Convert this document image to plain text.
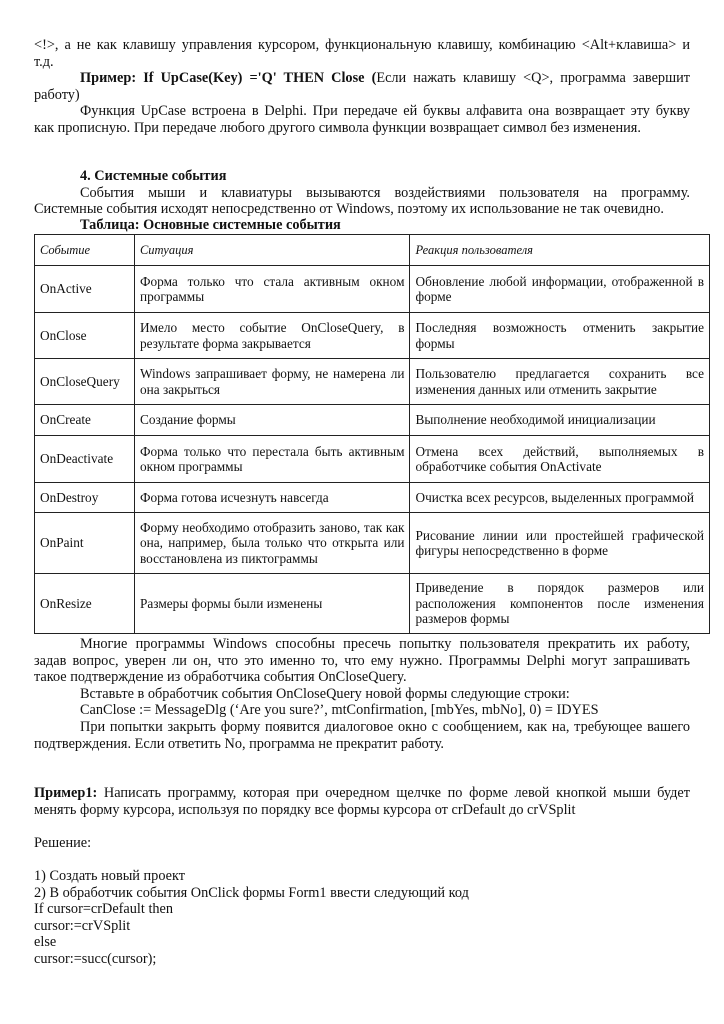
<!>, а не как клавишу управления курсором, функциональную клавишу, комбинацию <Alt+клавиша> и
т.д.
Пример: If UpCase(Key) ='Q' THEN Close (Если нажать клавишу <Q>, программа завершит
работу)
Функция UpCase встроена в Delphi. При передаче ей буквы алфавита она возвращает эту букву
как прописную. При передаче любого другого символа функции возвращает символ без изменения.
4. Системные события
События мыши и клавиатуры вызываются воздействиями пользователя на программу.
Системные события исходят непосредственно от Windows, поэтому их использование не так очевидно.
Таблица: Основные системные события
Событие	Ситуация	Реакция пользователя
OnActive	Форма только что стала активным окном программы	Обновление любой информации, отображенной в форме
OnClose	Имело место событие OnCloseQuery, в результате форма закрывается	Последняя возможность отменить закрытие формы
OnCloseQuery	Windows запрашивает форму, не намерена ли она закрыться	Пользователю предлагается сохранить все изменения данных или отменить закрытие
OnCreate	Создание формы	Выполнение необходимой инициализации
OnDeactivate	Форма только что перестала быть активным окном программы	Отмена всех действий, выполняемых в обработчике события OnActivate
OnDestroy	Форма готова исчезнуть навсегда	Очистка всех ресурсов, выделенных программой
OnPaint	Форму необходимо отобразить заново, так как она, например, была только что открыта или восстановлена из пиктограммы	Рисование линии или простейшей графической фигуры непосредственно в форме
OnResize	Размеры формы были изменены	Приведение в порядок размеров или расположения компонентов после изменения размеров формы
Многие программы Windows способны пресечь попытку пользователя прекратить их работу,
задав вопрос, уверен ли он, что это именно то, что ему нужно. Программы Delphi могут запрашивать
такое подтверждение из обработчика события OnCloseQuery.
Вставьте в обработчик события OnCloseQuery новой формы следующие строки:
CanClose := MessageDlg (‘Are you sure?’, mtConfirmation, [mbYes, mbNo], 0) = IDYES
При попытки закрыть форму появится диалоговое окно с сообщением, как на, требующее вашего
подтверждения. Если ответить No, программа не прекратит работу.
Пример1: Написать программу, которая при очередном щелчке по форме левой кнопкой мыши будет
менять форму курсора, используя по порядку все формы курсора от crDefault до crVSplit
Решение:
1) Создать новый проект
2) В обработчик события OnClick формы Form1 ввести следующий код
If cursor=crDefault then
cursor:=crVSplit
else
cursor:=succ(cursor);
